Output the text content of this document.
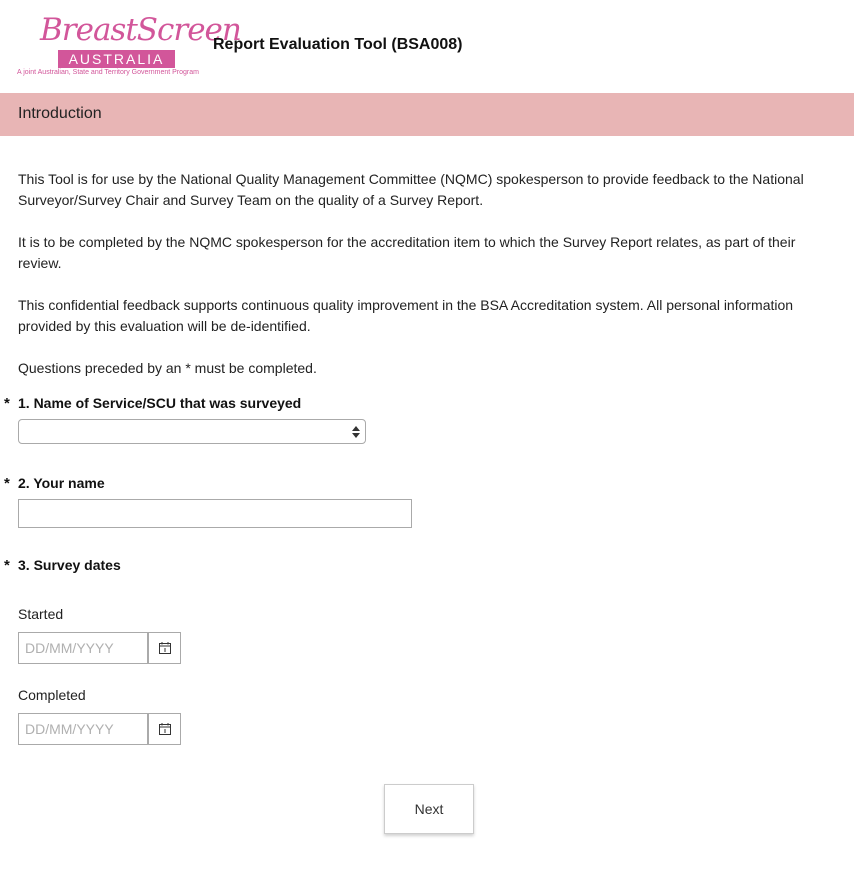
BreastScreen
AUSTRALIA
A joint Australian, State and Territory Government Program
Report Evaluation Tool (BSA008)
Introduction
This Tool is for use by the National Quality Management Committee (NQMC) spokesperson to provide feedback to the National Surveyor/Survey Chair and Survey Team on the quality of a Survey Report.
It is to be completed by the NQMC spokesperson for the accreditation item to which the Survey Report relates, as part of their review.
This confidential feedback supports continuous quality improvement in the BSA Accreditation system. All personal information provided by this evaluation will be de-identified.
Questions preceded by an * must be completed.
* 1. Name of Service/SCU that was surveyed
* 2. Your name
* 3. Survey dates
Started
DD/MM/YYYY
Completed
DD/MM/YYYY
Next
